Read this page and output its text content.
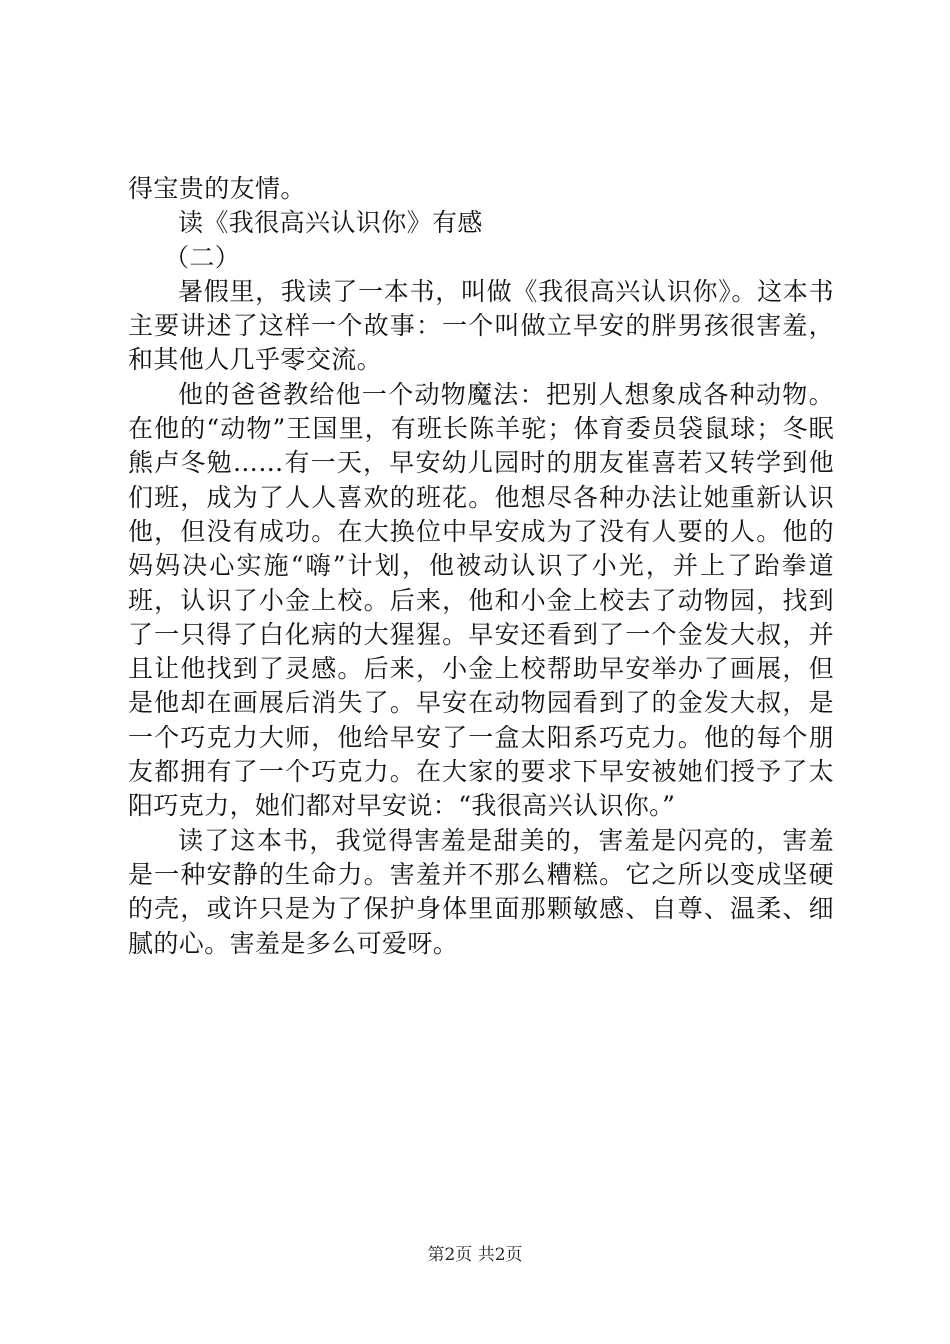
得宝贵的友情。

读《我很高兴认识你》有感

（二）

暑假里，我读了一本书，叫做《我很高兴认识你》。这本书主要讲述了这样一个故事：一个叫做立早安的胖男孩很害羞，和其他人几乎零交流。

他的爸爸教给他一个动物魔法：把别人想象成各种动物。在他的“动物”王国里，有班长陈羊驼；体育委员袋鼠球；冬眠熊卢冬勉……有一天，早安幼儿园时的朋友崔喜若又转学到他们班，成为了人人喜欢的班花。他想尽各种办法让她重新认识他，但没有成功。在大换位中早安成为了没有人要的人。他的妈妈决心实施“嗨”计划，他被动认识了小光，并上了跆拳道班，认识了小金上校。后来，他和小金上校去了动物园，找到了一只得了白化病的大猩猩。早安还看到了一个金发大叔，并且让他找到了灵感。后来，小金上校帮助早安举办了画展，但是他却在画展后消失了。早安在动物园看到了的金发大叔，是一个巧克力大师，他给早安了一盒太阳系巧克力。他的每个朋友都拥有了一个巧克力。在大家的要求下早安被她们授予了太阳巧克力，她们都对早安说：“我很高兴认识你。”

读了这本书，我觉得害羞是甜美的，害羞是闪亮的，害羞是一种安静的生命力。害羞并不那么糟糕。它之所以变成坚硬的壳，或许只是为了保护身体里面那颗敏感、自尊、温柔、细腻的心。害羞是多么可爱呀。

第2页 共2页
